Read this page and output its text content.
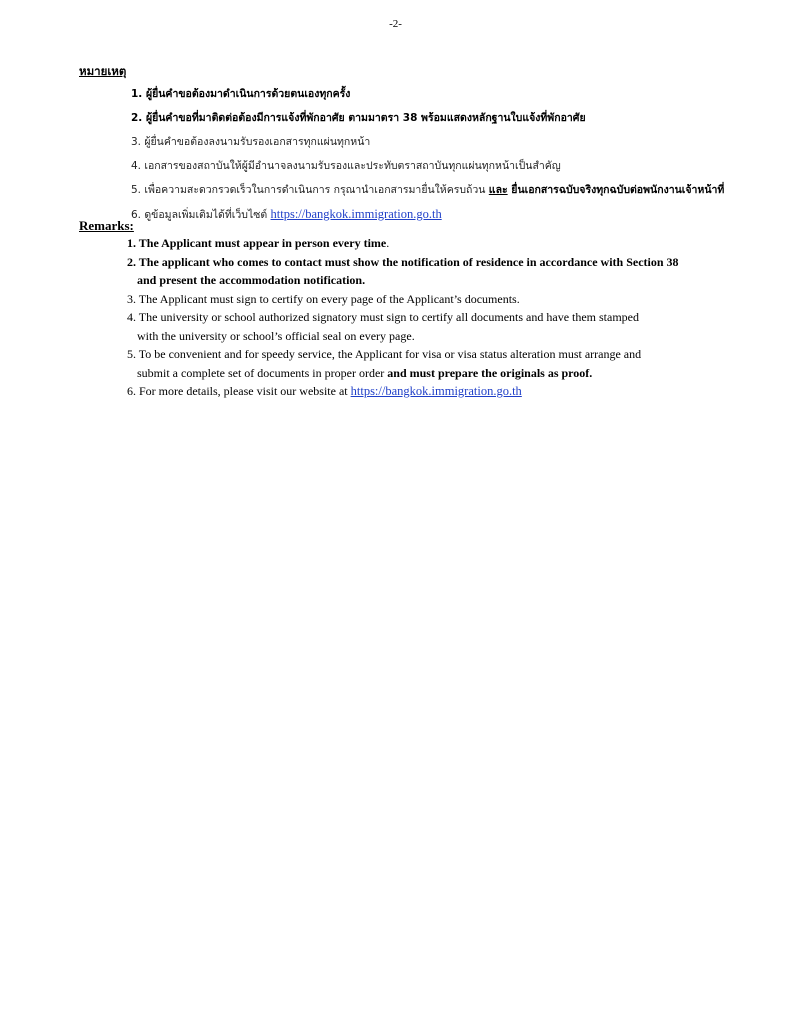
-2-
หมายเหตุ
1. ผู้ยื่นคำขอต้องมาดำเนินการด้วยตนเองทุกครั้ง
2. ผู้ยื่นคำขอที่มาติดต่อต้องมีการแจ้งที่พักอาศัย ตามมาตรา 38 พร้อมแสดงหลักฐานใบแจ้งที่พักอาศัย
3. ผู้ยื่นคำขอต้องลงนามรับรองเอกสารทุกแผ่นทุกหน้า
4. เอกสารของสถาบันให้ผู้มีอำนาจลงนามรับรองและประทับตราสถาบันทุกแผ่นทุกหน้าเป็นสำคัญ
5. เพื่อความสะดวกรวดเร็วในการดำเนินการ กรุณานำเอกสารมายื่นให้ครบถ้วน และ ยื่นเอกสารฉบับจริงทุกฉบับต่อพนักงานเจ้าหน้าที่
6. ดูข้อมูลเพิ่มเติมได้ที่เว็บไซต์ https://bangkok.immigration.go.th
Remarks:
1. The Applicant must appear in person every time.
2. The applicant who comes to contact must show the notification of residence in accordance with Section 38
and present the accommodation notification.
3. The Applicant must sign to certify on every page of the Applicant’s documents.
4. The university or school authorized signatory must sign to certify all documents and have them stamped
with the university or school’s official seal on every page.
5. To be convenient and for speedy service, the Applicant for visa or visa status alteration must arrange and
submit a complete set of documents in proper order and must prepare the originals as proof.
6. For more details, please visit our website at https://bangkok.immigration.go.th
